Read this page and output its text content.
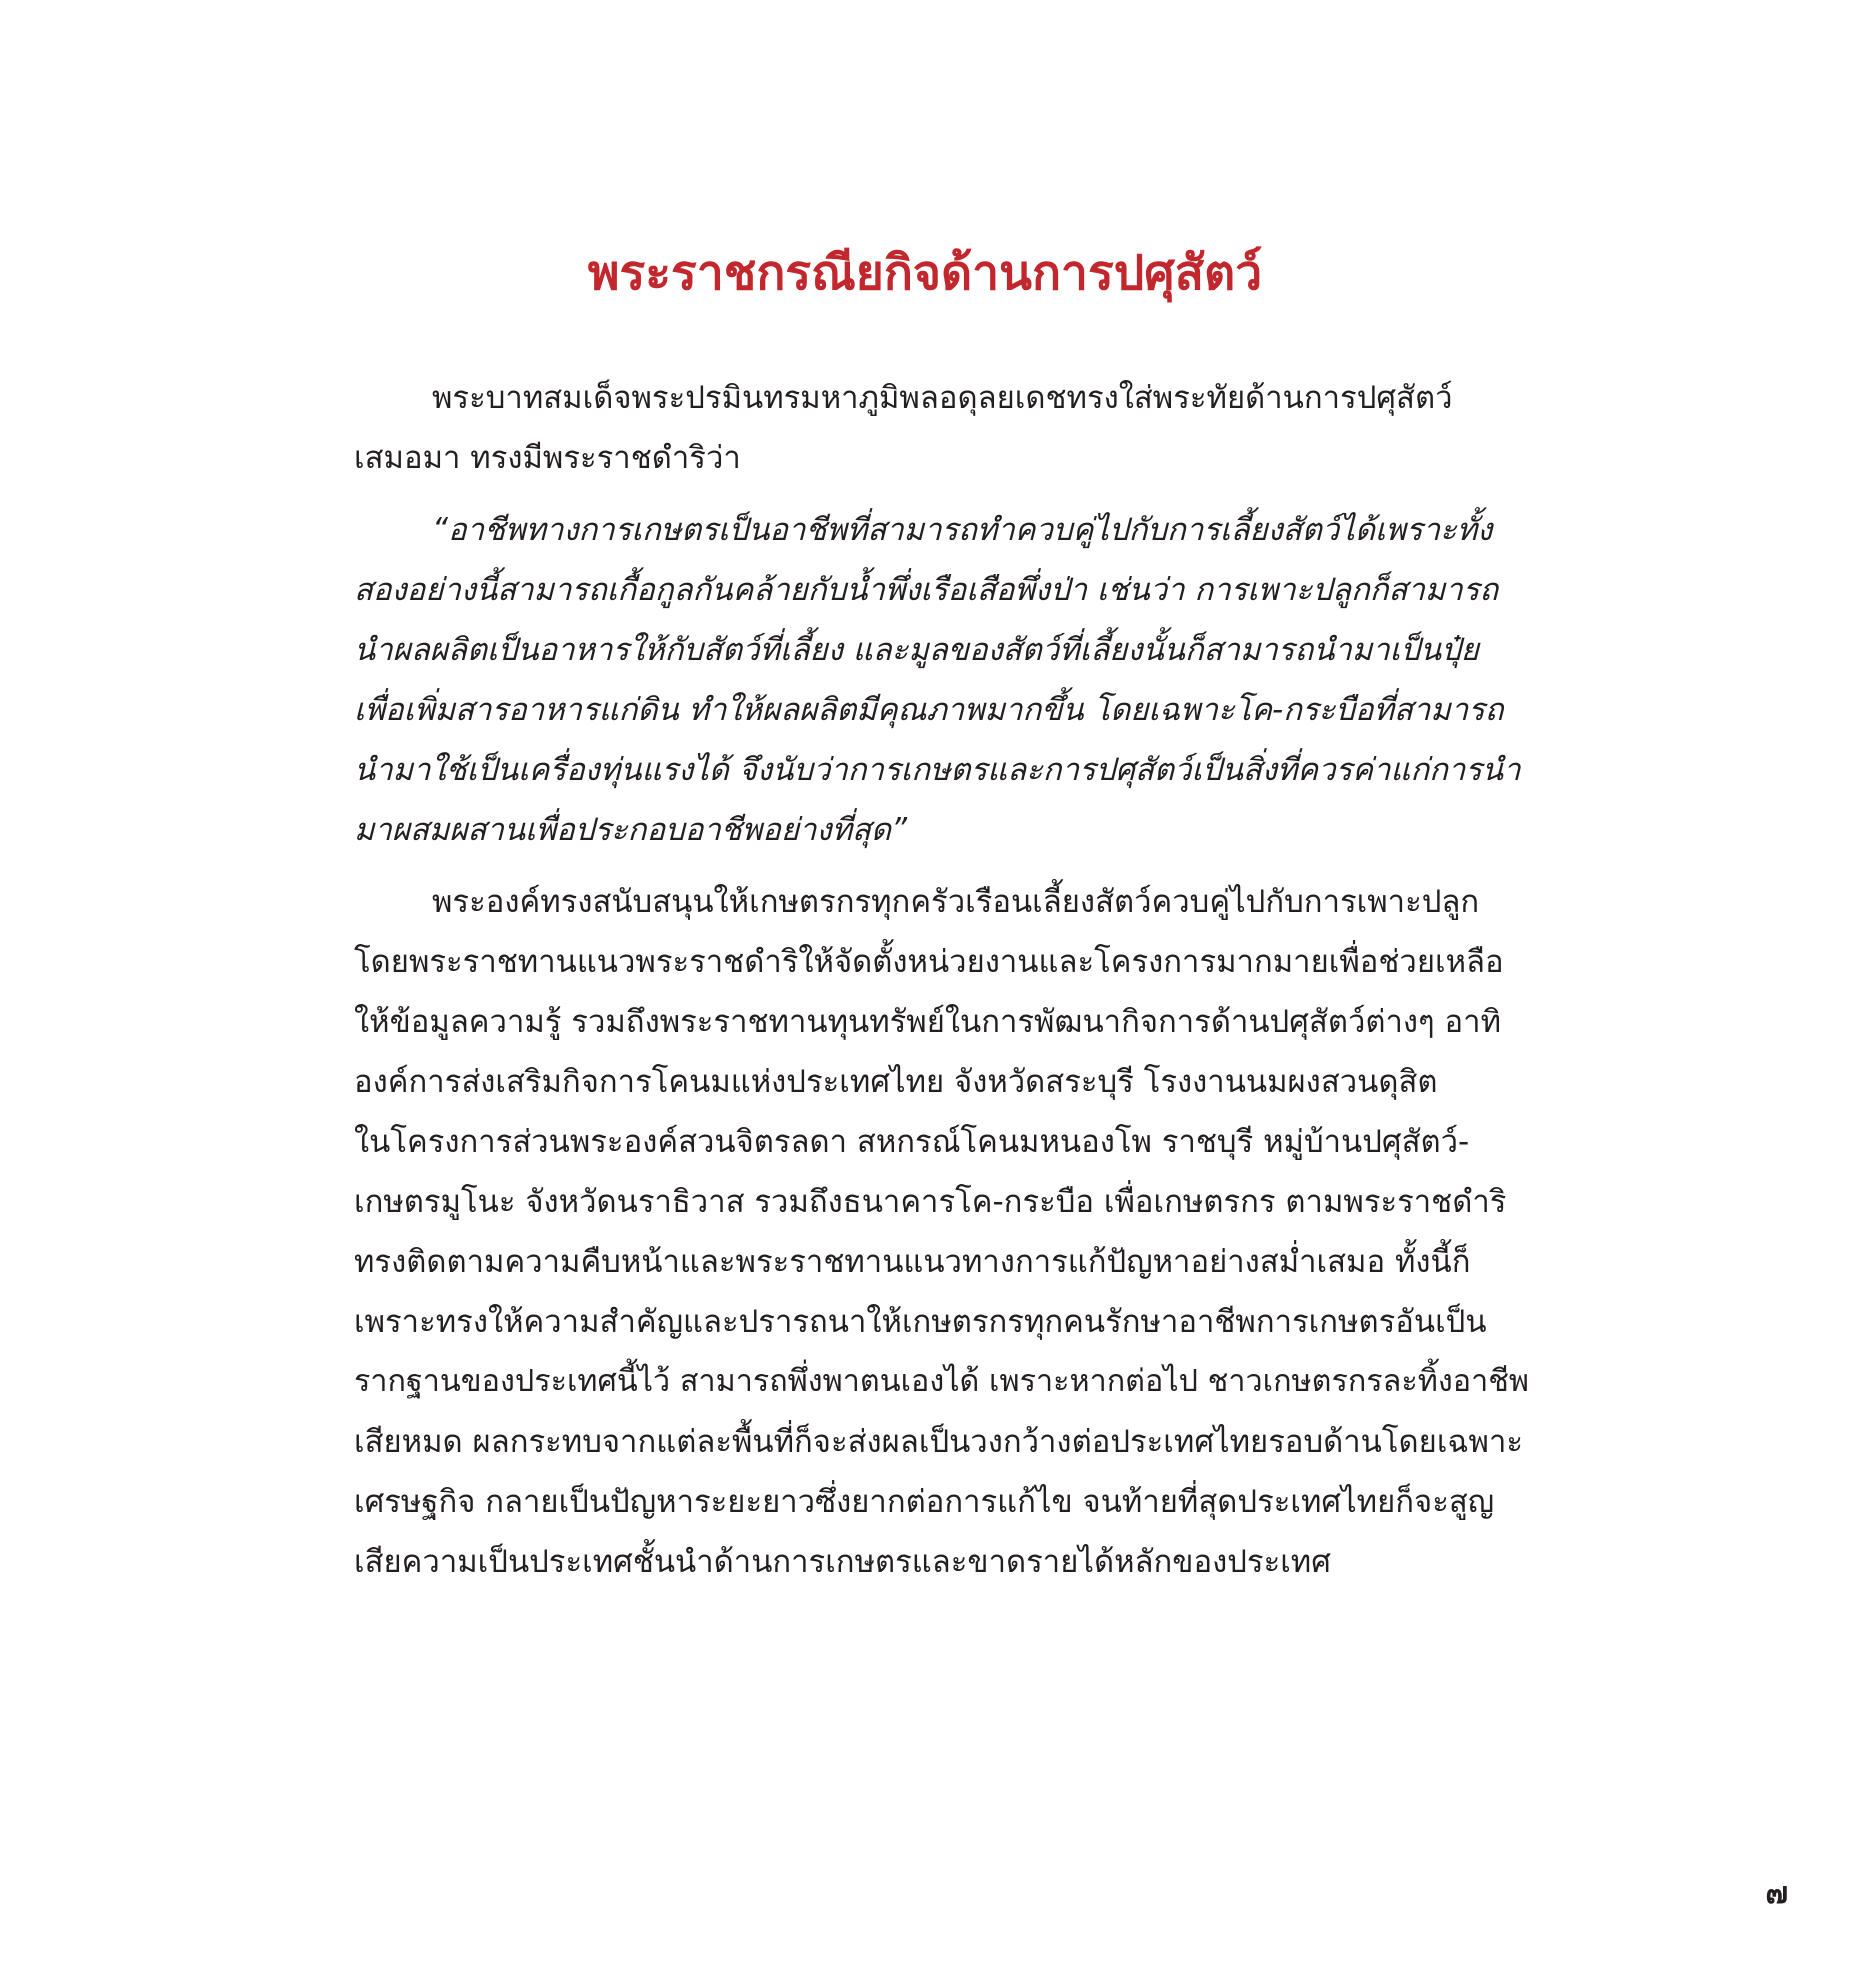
พระราชกรณียกิจด้านการปศุสัตว์

พระบาทสมเด็จพระปรมินทรมหาภูมิพลอดุลยเดชทรงใส่พระทัยด้านการปศุสัตว์
เสมอมา ทรงมีพระราชดำริว่า

“อาชีพทางการเกษตรเป็นอาชีพที่สามารถทำควบคู่ไปกับการเลี้ยงสัตว์ได้เพราะทั้ง
สองอย่างนี้สามารถเกื้อกูลกันคล้ายกับน้ำพึ่งเรือเสือพึ่งป่า เช่นว่า การเพาะปลูกก็สามารถ
นำผลผลิตเป็นอาหารให้กับสัตว์ที่เลี้ยง และมูลของสัตว์ที่เลี้ยงนั้นก็สามารถนำมาเป็นปุ๋ย
เพื่อเพิ่มสารอาหารแก่ดิน ทำให้ผลผลิตมีคุณภาพมากขึ้น โดยเฉพาะโค-กระบือที่สามารถ
นำมาใช้เป็นเครื่องทุ่นแรงได้ จึงนับว่าการเกษตรและการปศุสัตว์เป็นสิ่งที่ควรค่าแก่การนำ
มาผสมผสานเพื่อประกอบอาชีพอย่างที่สุด”

พระองค์ทรงสนับสนุนให้เกษตรกรทุกครัวเรือนเลี้ยงสัตว์ควบคู่ไปกับการเพาะปลูก
โดยพระราชทานแนวพระราชดำริให้จัดตั้งหน่วยงานและโครงการมากมายเพื่อช่วยเหลือ
ให้ข้อมูลความรู้ รวมถึงพระราชทานทุนทรัพย์ในการพัฒนากิจการด้านปศุสัตว์ต่างๆ อาทิ
องค์การส่งเสริมกิจการโคนมแห่งประเทศไทย จังหวัดสระบุรี โรงงานนมผงสวนดุสิต
ในโครงการส่วนพระองค์สวนจิตรลดา สหกรณ์โคนมหนองโพ ราชบุรี หมู่บ้านปศุสัตว์-
เกษตรมูโนะ จังหวัดนราธิวาส รวมถึงธนาคารโค-กระบือ เพื่อเกษตรกร ตามพระราชดำริ
ทรงติดตามความคืบหน้าและพระราชทานแนวทางการแก้ปัญหาอย่างสม่ำเสมอ ทั้งนี้ก็
เพราะทรงให้ความสำคัญและปรารถนาให้เกษตรกรทุกคนรักษาอาชีพการเกษตรอันเป็น
รากฐานของประเทศนี้ไว้ สามารถพึ่งพาตนเองได้ เพราะหากต่อไป ชาวเกษตรกรละทิ้งอาชีพ
เสียหมด ผลกระทบจากแต่ละพื้นที่ก็จะส่งผลเป็นวงกว้างต่อประเทศไทยรอบด้านโดยเฉพาะ
เศรษฐกิจ กลายเป็นปัญหาระยะยาวซึ่งยากต่อการแก้ไข จนท้ายที่สุดประเทศไทยก็จะสูญ
เสียความเป็นประเทศชั้นนำด้านการเกษตรและขาดรายได้หลักของประเทศ

๗
